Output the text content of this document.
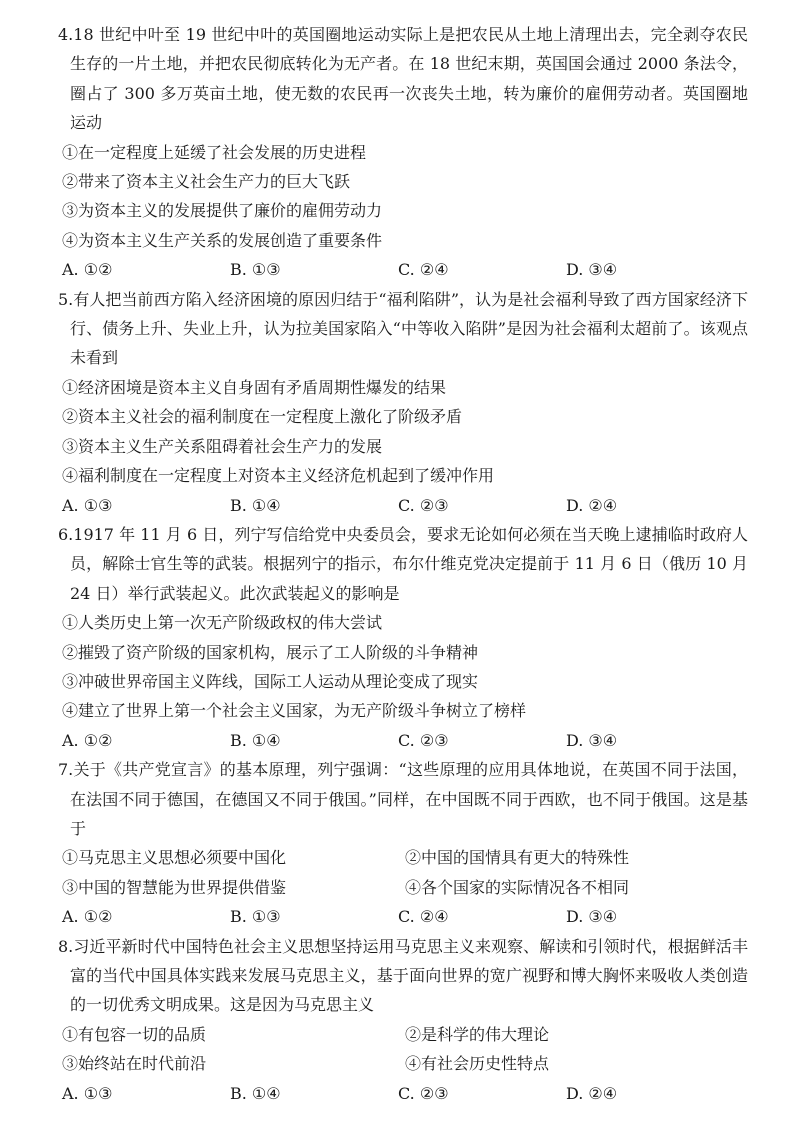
4.18 世纪中叶至 19 世纪中叶的英国圈地运动实际上是把农民从土地上清理出去，完全剥夺农民生存的一片土地，并把农民彻底转化为无产者。在 18 世纪末期，英国国会通过 2000 条法令，圈占了 300 多万英亩土地，使无数的农民再一次丧失土地，转为廉价的雇佣劳动者。英国圈地运动

①在一定程度上延缓了社会发展的历史进程

②带来了资本主义社会生产力的巨大飞跃

③为资本主义的发展提供了廉价的雇佣劳动力

④为资本主义生产关系的发展创造了重要条件

A. ①②	B. ①③	C. ②④	D. ③④

5.有人把当前西方陷入经济困境的原因归结于“福利陷阱”，认为是社会福利导致了西方国家经济下行、债务上升、失业上升，认为拉美国家陷入“中等收入陷阱”是因为社会福利太超前了。该观点未看到

①经济困境是资本主义自身固有矛盾周期性爆发的结果

②资本主义社会的福利制度在一定程度上激化了阶级矛盾

③资本主义生产关系阻碍着社会生产力的发展

④福利制度在一定程度上对资本主义经济危机起到了缓冲作用

A. ①③	B. ①④	C. ②③	D. ②④

6.1917 年 11 月 6 日，列宁写信给党中央委员会，要求无论如何必须在当天晚上逮捕临时政府人员，解除士官生等的武装。根据列宁的指示，布尔什维克党决定提前于 11 月 6 日（俄历 10 月 24 日）举行武装起义。此次武装起义的影响是

①人类历史上第一次无产阶级政权的伟大尝试

②摧毁了资产阶级的国家机构，展示了工人阶级的斗争精神

③冲破世界帝国主义阵线，国际工人运动从理论变成了现实

④建立了世界上第一个社会主义国家，为无产阶级斗争树立了榜样

A. ①②	B. ①④	C. ②③	D. ③④

7.关于《共产党宣言》的基本原理，列宁强调：“这些原理的应用具体地说，在英国不同于法国，在法国不同于德国，在德国又不同于俄国。”同样，在中国既不同于西欧，也不同于俄国。这是基于

①马克思主义思想必须要中国化	②中国的国情具有更大的特殊性
③中国的智慧能为世界提供借鉴	④各个国家的实际情况各不相同
A. ①②	B. ①③	C. ②④	D. ③④

8.习近平新时代中国特色社会主义思想坚持运用马克思主义来观察、解读和引领时代，根据鲜活丰富的当代中国具体实践来发展马克思主义，基于面向世界的宽广视野和博大胸怀来吸收人类创造的一切优秀文明成果。这是因为马克思主义

①有包容一切的品质	②是科学的伟大理论
③始终站在时代前沿	④有社会历史性特点
A. ①③	B. ①④	C. ②③	D. ②④
